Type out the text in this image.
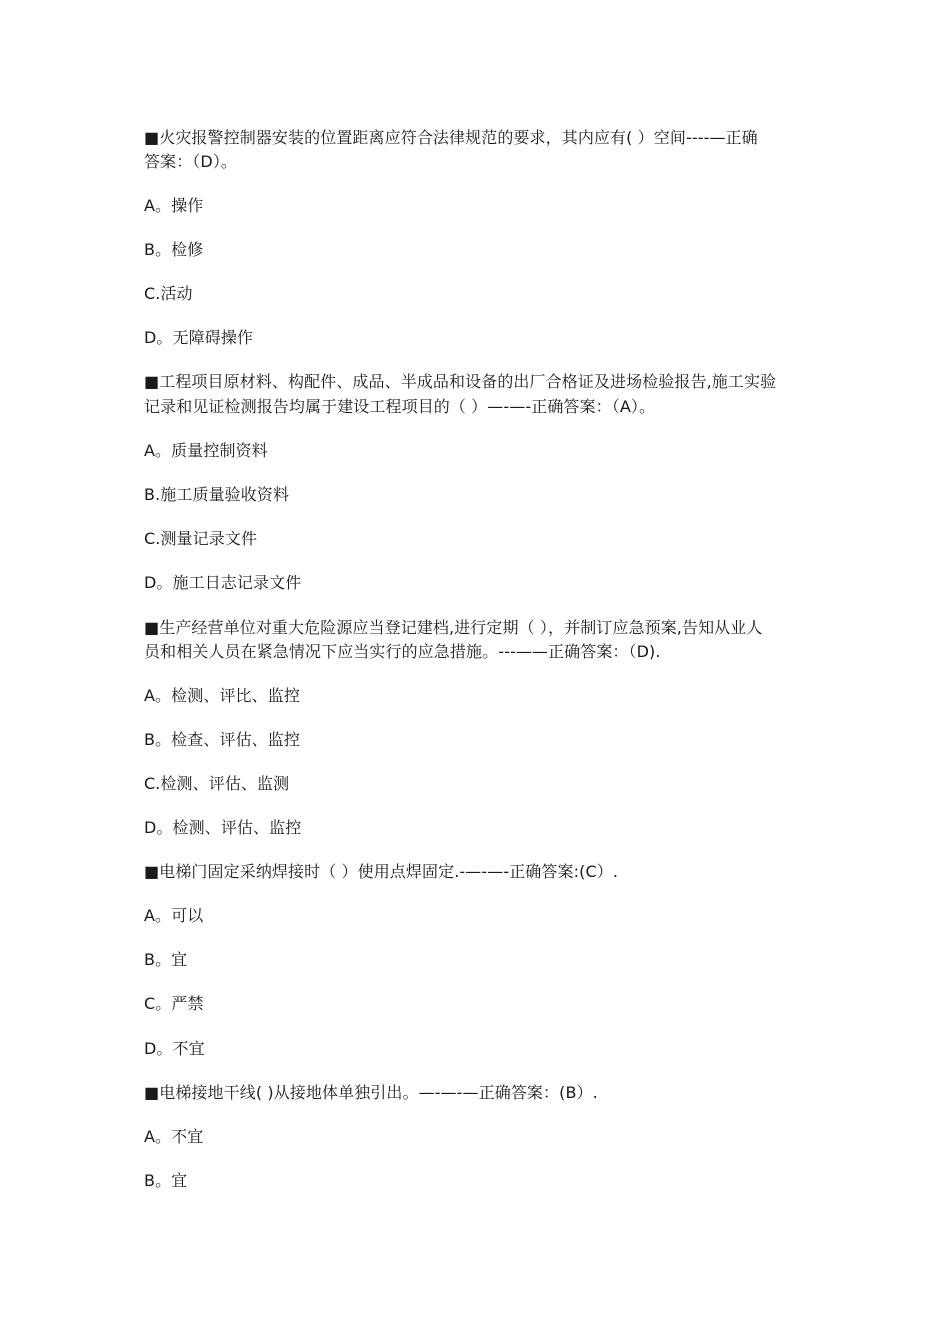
■火灾报警控制器安装的位置距离应符合法律规范的要求，其内应有( ）空间----—正确
答案：（D）。
A。操作
B。检修
C.活动
D。无障碍操作
■工程项目原材料、构配件、成品、半成品和设备的出厂合格证及进场检验报告,施工实验
记录和见证检测报告均属于建设工程项目的（ ）—-—-正确答案：（A）。
A。质量控制资料
B.施工质量验收资料
C.测量记录文件
D。施工日志记录文件
■生产经营单位对重大危险源应当登记建档,进行定期（ ），并制订应急预案,告知从业人
员和相关人员在紧急情况下应当实行的应急措施。---——正确答案：（D).
A。检测、评比、监控
B。检查、评估、监控
C.检测、评估、监测
D。检测、评估、监控
■电梯门固定采纳焊接时（ ）使用点焊固定.-—-—-正确答案:(C）.
A。可以
B。宜
C。严禁
D。不宜
■电梯接地干线( )从接地体单独引出。—-—-—正确答案：(B）.
A。不宜
B。宜
